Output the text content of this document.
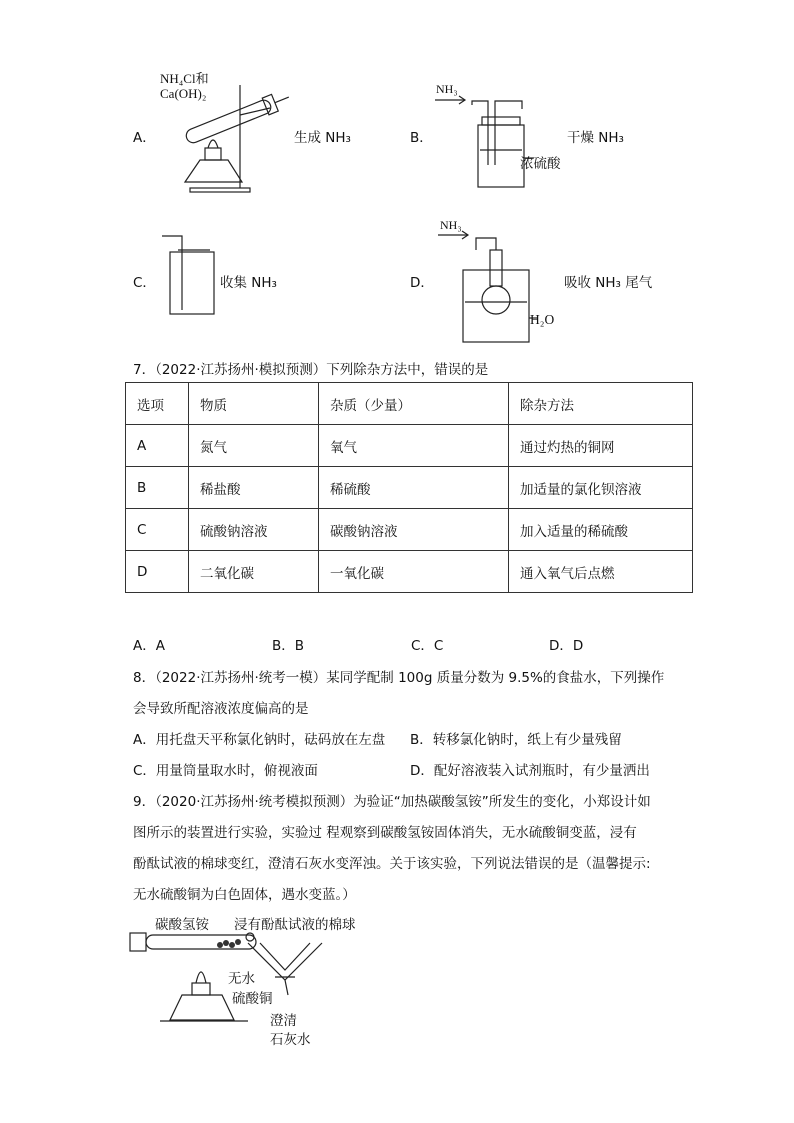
A．
NH₄Cl和
Ca(OH)₂
生成 NH₃	B．
NH₃
浓硫酸
干燥 NH₃
C．	收集 NH₃	D．
NH₃
H₂O
吸收 NH₃ 尾气
7．（2022·江苏扬州·模拟预测）下列除杂方法中，错误的是
选项	物质	杂质（少量）	除杂方法
A	氮气	氧气	通过灼热的铜网
B	稀盐酸	稀硫酸	加适量的氯化钡溶液
C	硫酸钠溶液	碳酸钠溶液	加入适量的稀硫酸
D	二氧化碳	一氧化碳	通入氧气后点燃
A．A	B．B	C．C	D．D
8．（2022·江苏扬州·统考一模）某同学配制 100g 质量分数为 9.5%的食盐水，下列操作
会导致所配溶液浓度偏高的是
A．用托盘天平称氯化钠时，砝码放在左盘 B．转移氯化钠时，纸上有少量残留
C．用量筒量取水时，俯视液面	D．配好溶液装入试剂瓶时，有少量洒出
9．（2020·江苏扬州·统考模拟预测）为验证“加热碳酸氢铵”所发生的变化，小郑设计如
图所示的装置进行实验，实验过 程观察到碳酸氢铵固体消失，无水硫酸铜变蓝，浸有
酚酞试液的棉球变红，澄清石灰水变浑浊。关于该实验，下列说法错误的是（温馨提示:
无水硫酸铜为白色固体，遇水变蓝。）
碳酸氢铵 浸有酚酞试液的棉球
无水
硫酸铜
澄清
石灰水
